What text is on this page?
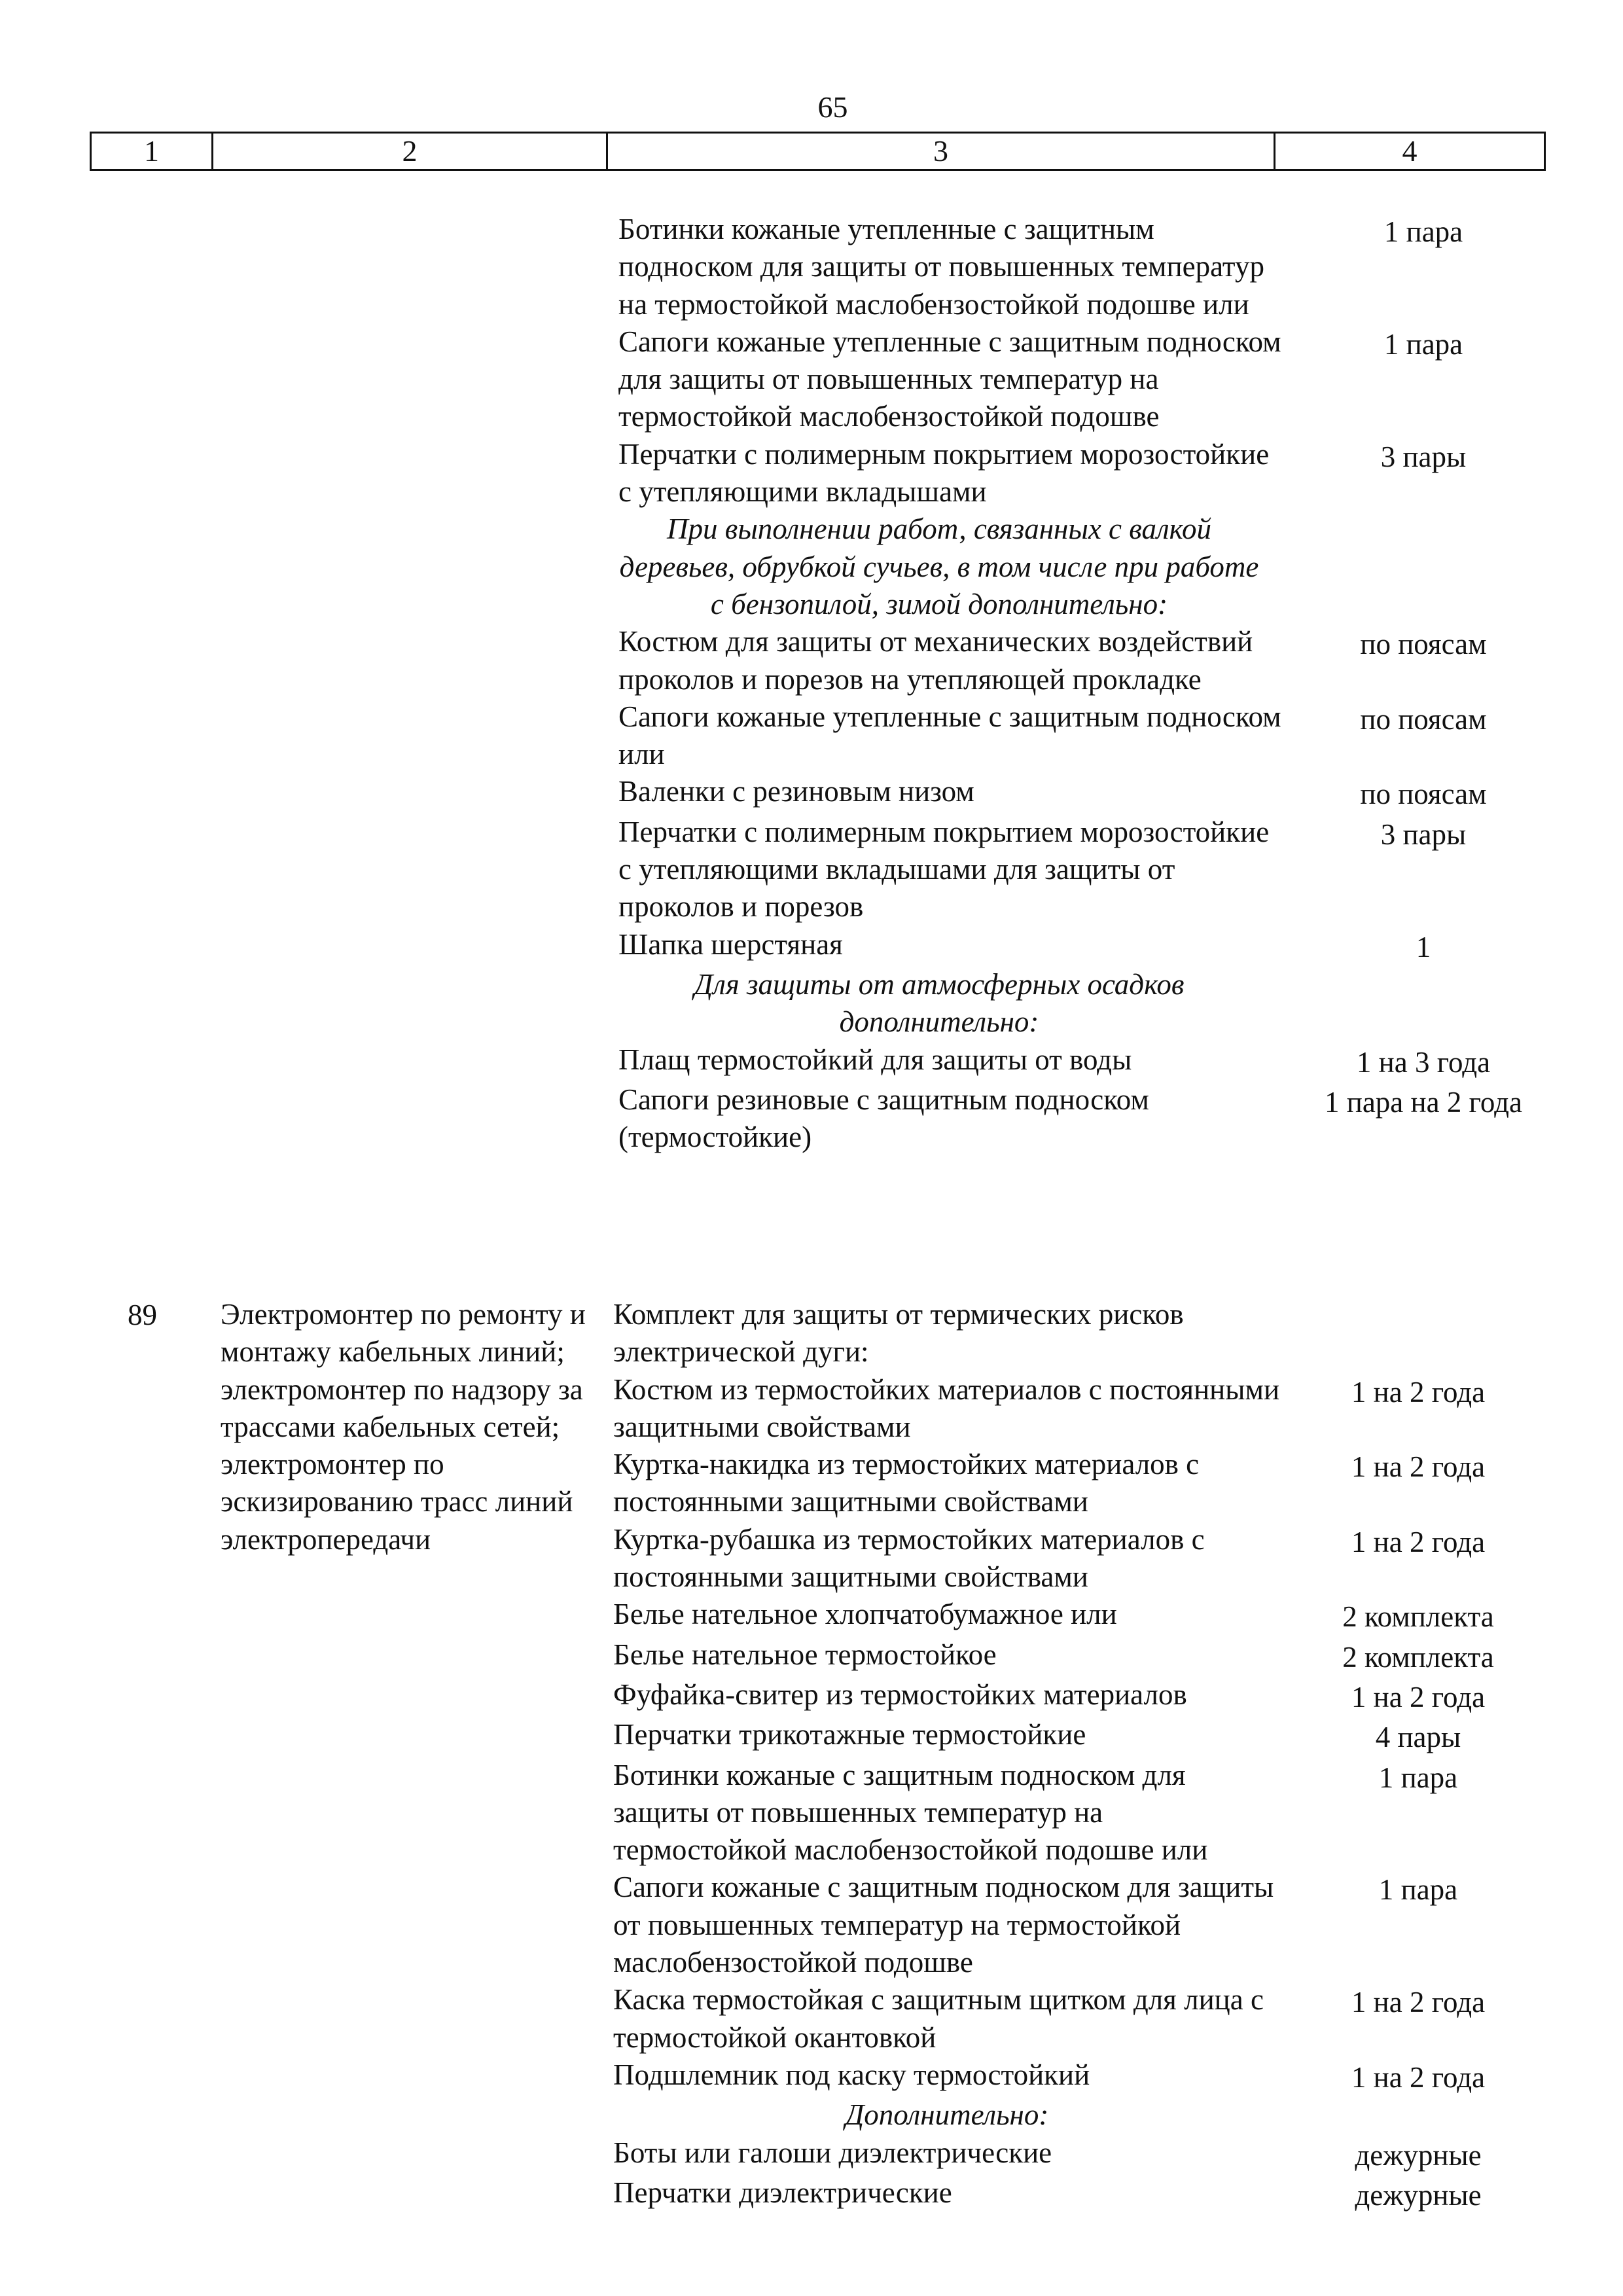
65
1	2	3	4
Ботинки кожаные утепленные с защитным подноском для защиты от повышенных температур на термостойкой маслобензостойкой подошве или
1 пара
Сапоги кожаные утепленные с защитным подноском для защиты от повышенных температур на термостойкой маслобензостойкой подошве
1 пара
Перчатки с полимерным покрытием морозостойкие с утепляющими вкладышами
3 пары
При выполнении работ, связанных с валкой деревьев, обрубкой сучьев, в том числе при работе с бензопилой, зимой дополнительно:
Костюм для защиты от механических воздействий проколов и порезов на утепляющей прокладке
по поясам
Сапоги кожаные утепленные с защитным подноском или
по поясам
Валенки с резиновым низом	по поясам
Перчатки с полимерным покрытием морозостойкие с утепляющими вкладышами для защиты от проколов и порезов
3 пары
Шапка шерстяная	1
Для защиты от атмосферных осадков дополнительно:
Плащ термостойкий для защиты от воды	1 на 3 года
Сапоги резиновые с защитным подноском (термостойкие)
1 пара на 2 года
89 Электромонтер по ремонту и монтажу кабельных линий; электромонтер по надзору за трассами кабельных сетей; электромонтер по эскизированию трасс линий электропередачи
Комплект для защиты от термических рисков электрической дуги:
Костюм из термостойких материалов с постоянными защитными свойствами
1 на 2 года
Куртка-накидка из термостойких материалов с постоянными защитными свойствами
1 на 2 года
Куртка-рубашка из термостойких материалов с постоянными защитными свойствами
1 на 2 года
Белье нательное хлопчатобумажное или	2 комплекта
Белье нательное термостойкое	2 комплекта
Фуфайка-свитер из термостойких материалов	1 на 2 года
Перчатки трикотажные термостойкие	4 пары
Ботинки кожаные с защитным подноском для защиты от повышенных температур на термостойкой маслобензостойкой подошве или
1 пара
Сапоги кожаные с защитным подноском для защиты от повышенных температур на термостойкой маслобензостойкой подошве
1 пара
Каска термостойкая с защитным щитком для лица с термостойкой окантовкой
1 на 2 года
Подшлемник под каску термостойкий	1 на 2 года
Дополнительно:
Боты или галоши диэлектрические	дежурные
Перчатки диэлектрические	дежурные
